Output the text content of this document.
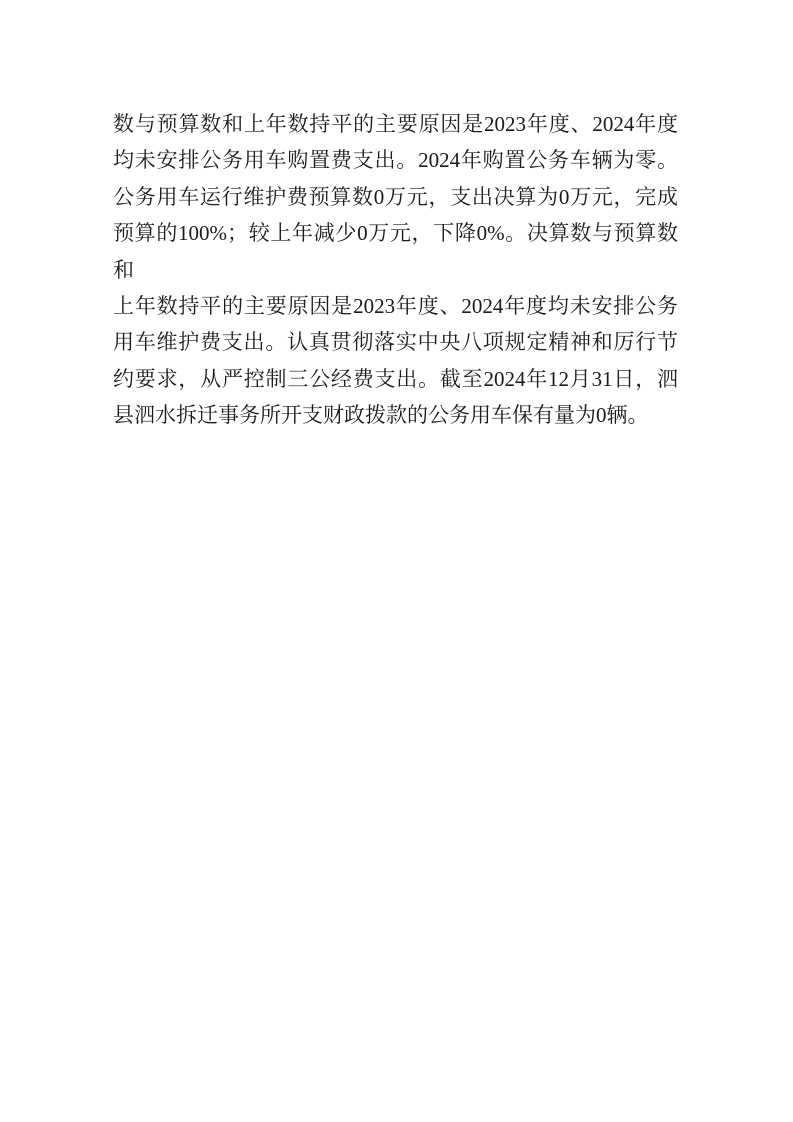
数与预算数和上年数持平的主要原因是2023年度、2024年度
均未安排公务用车购置费支出。2024年购置公务车辆为零。
公务用车运行维护费预算数0万元，支出决算为0万元，完成
预算的100%；较上年减少0万元，下降0%。决算数与预算数和
上年数持平的主要原因是2023年度、2024年度均未安排公务
用车维护费支出。认真贯彻落实中央八项规定精神和厉行节
约要求，从严控制三公经费支出。截至2024年12月31日，泗
县泗水拆迁事务所开支财政拨款的公务用车保有量为0辆。
